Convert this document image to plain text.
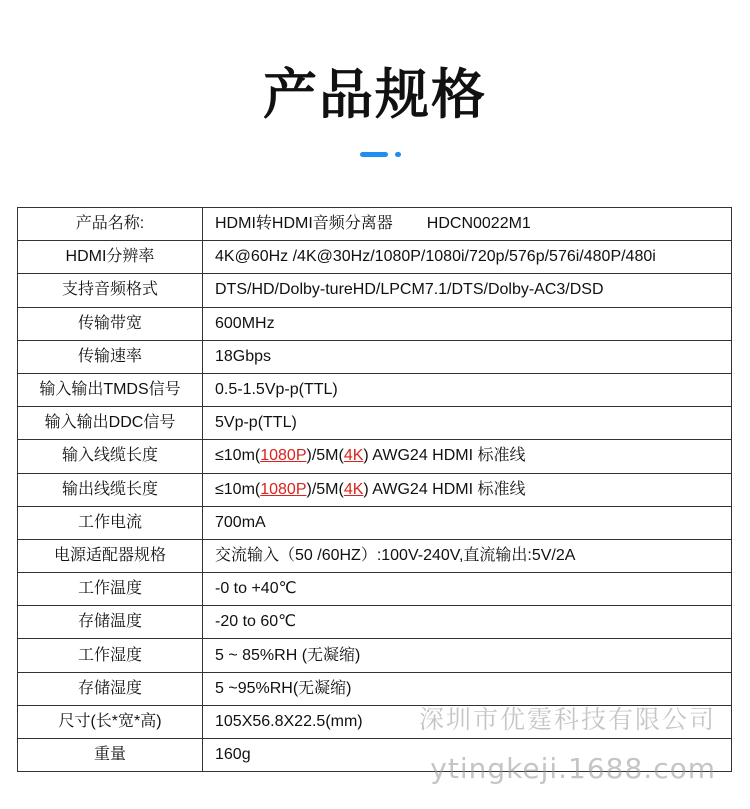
产品规格
产品名称:	HDMI转HDMI音频分离器 HDCN0022M1
HDMI分辨率	4K@60Hz /4K@30Hz/1080P/1080i/720p/576p/576i/480P/480i
支持音频格式	DTS/HD/Dolby-tureHD/LPCM7.1/DTS/Dolby-AC3/DSD
传输带宽	600MHz
传输速率	18Gbps
输入输出TMDS信号	0.5-1.5Vp-p(TTL)
输入输出DDC信号	5Vp-p(TTL)
输入线缆长度	≤10m(1080P)/5M(4K) AWG24 HDMI 标准线
输出线缆长度	≤10m(1080P)/5M(4K) AWG24 HDMI 标准线
工作电流	700mA
电源适配器规格	交流输入（50 /60HZ）:100V-240V,直流输出:5V/2A
工作温度	-0 to +40℃
存储温度	-20 to 60℃
工作湿度	5 ~ 85%RH (无凝缩)
存储湿度	5 ~95%RH(无凝缩)
尺寸(长*宽*高)	105X56.8X22.5(mm)
重量	160g
深圳市优霆科技有限公司
ytingkeji.1688.com
